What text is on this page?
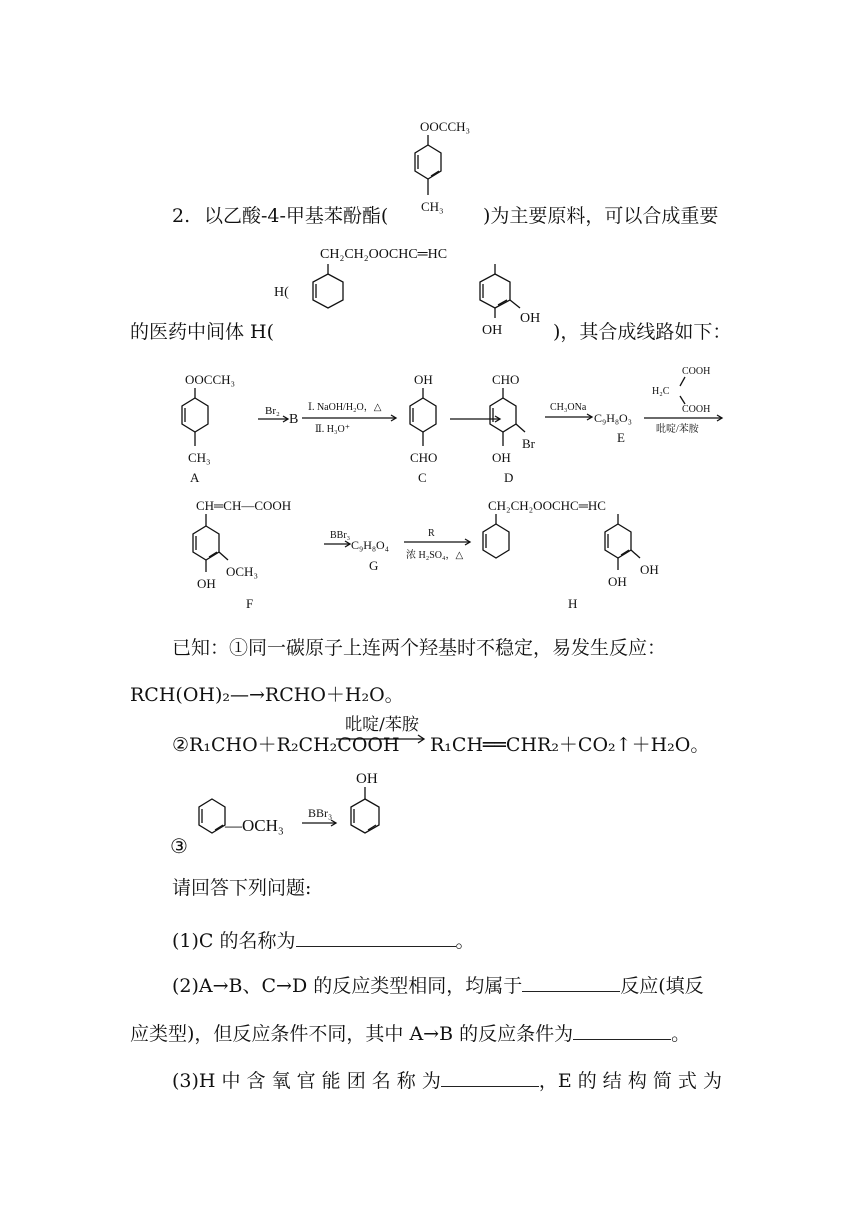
OOCCH₃
CH₃
2. 以乙酸-4-甲基苯酚酯(	)为主要原料，可以合成重要
CH₂CH₂OOCHC═HC
H(
OH
OH
的医药中间体 H(	)，其合成线路如下：
OOCCH₃
CH₃
A
Br₂
B
Ⅰ. NaOH/H₂O，△
Ⅱ. H₃O⁺
OH
CHO
C
CHO
Br
OH
D
CH₃ONa
C₉H₈O₃
E
COOH
H₂C
COOH
吡啶/苯胺
CH═CH—COOH
OH
OCH₃
F
BBr₃
C₉H₈O₄
G
R
浓 H₂SO₄，△
CH₂CH₂OOCHC═HC
OH
OH
H
已知：①同一碳原子上连两个羟基时不稳定，易发生反应：
RCH(OH)₂—→RCHO＋H₂O。
②R₁CHO＋R₂CH₂COOH
吡啶/苯胺
R₁CH══CHR₂＋CO₂↑＋H₂O。
③
—OCH₃
BBr₃
OH
请回答下列问题:
(1)C 的名称为	。
(2)A→B、C→D 的反应类型相同，均属于	反应(填反
应类型)，但反应条件不同，其中 A→B 的反应条件为	。
(3)H 中 含 氧 官 能 团 名 称 为	，E 的 结 构 简 式 为
